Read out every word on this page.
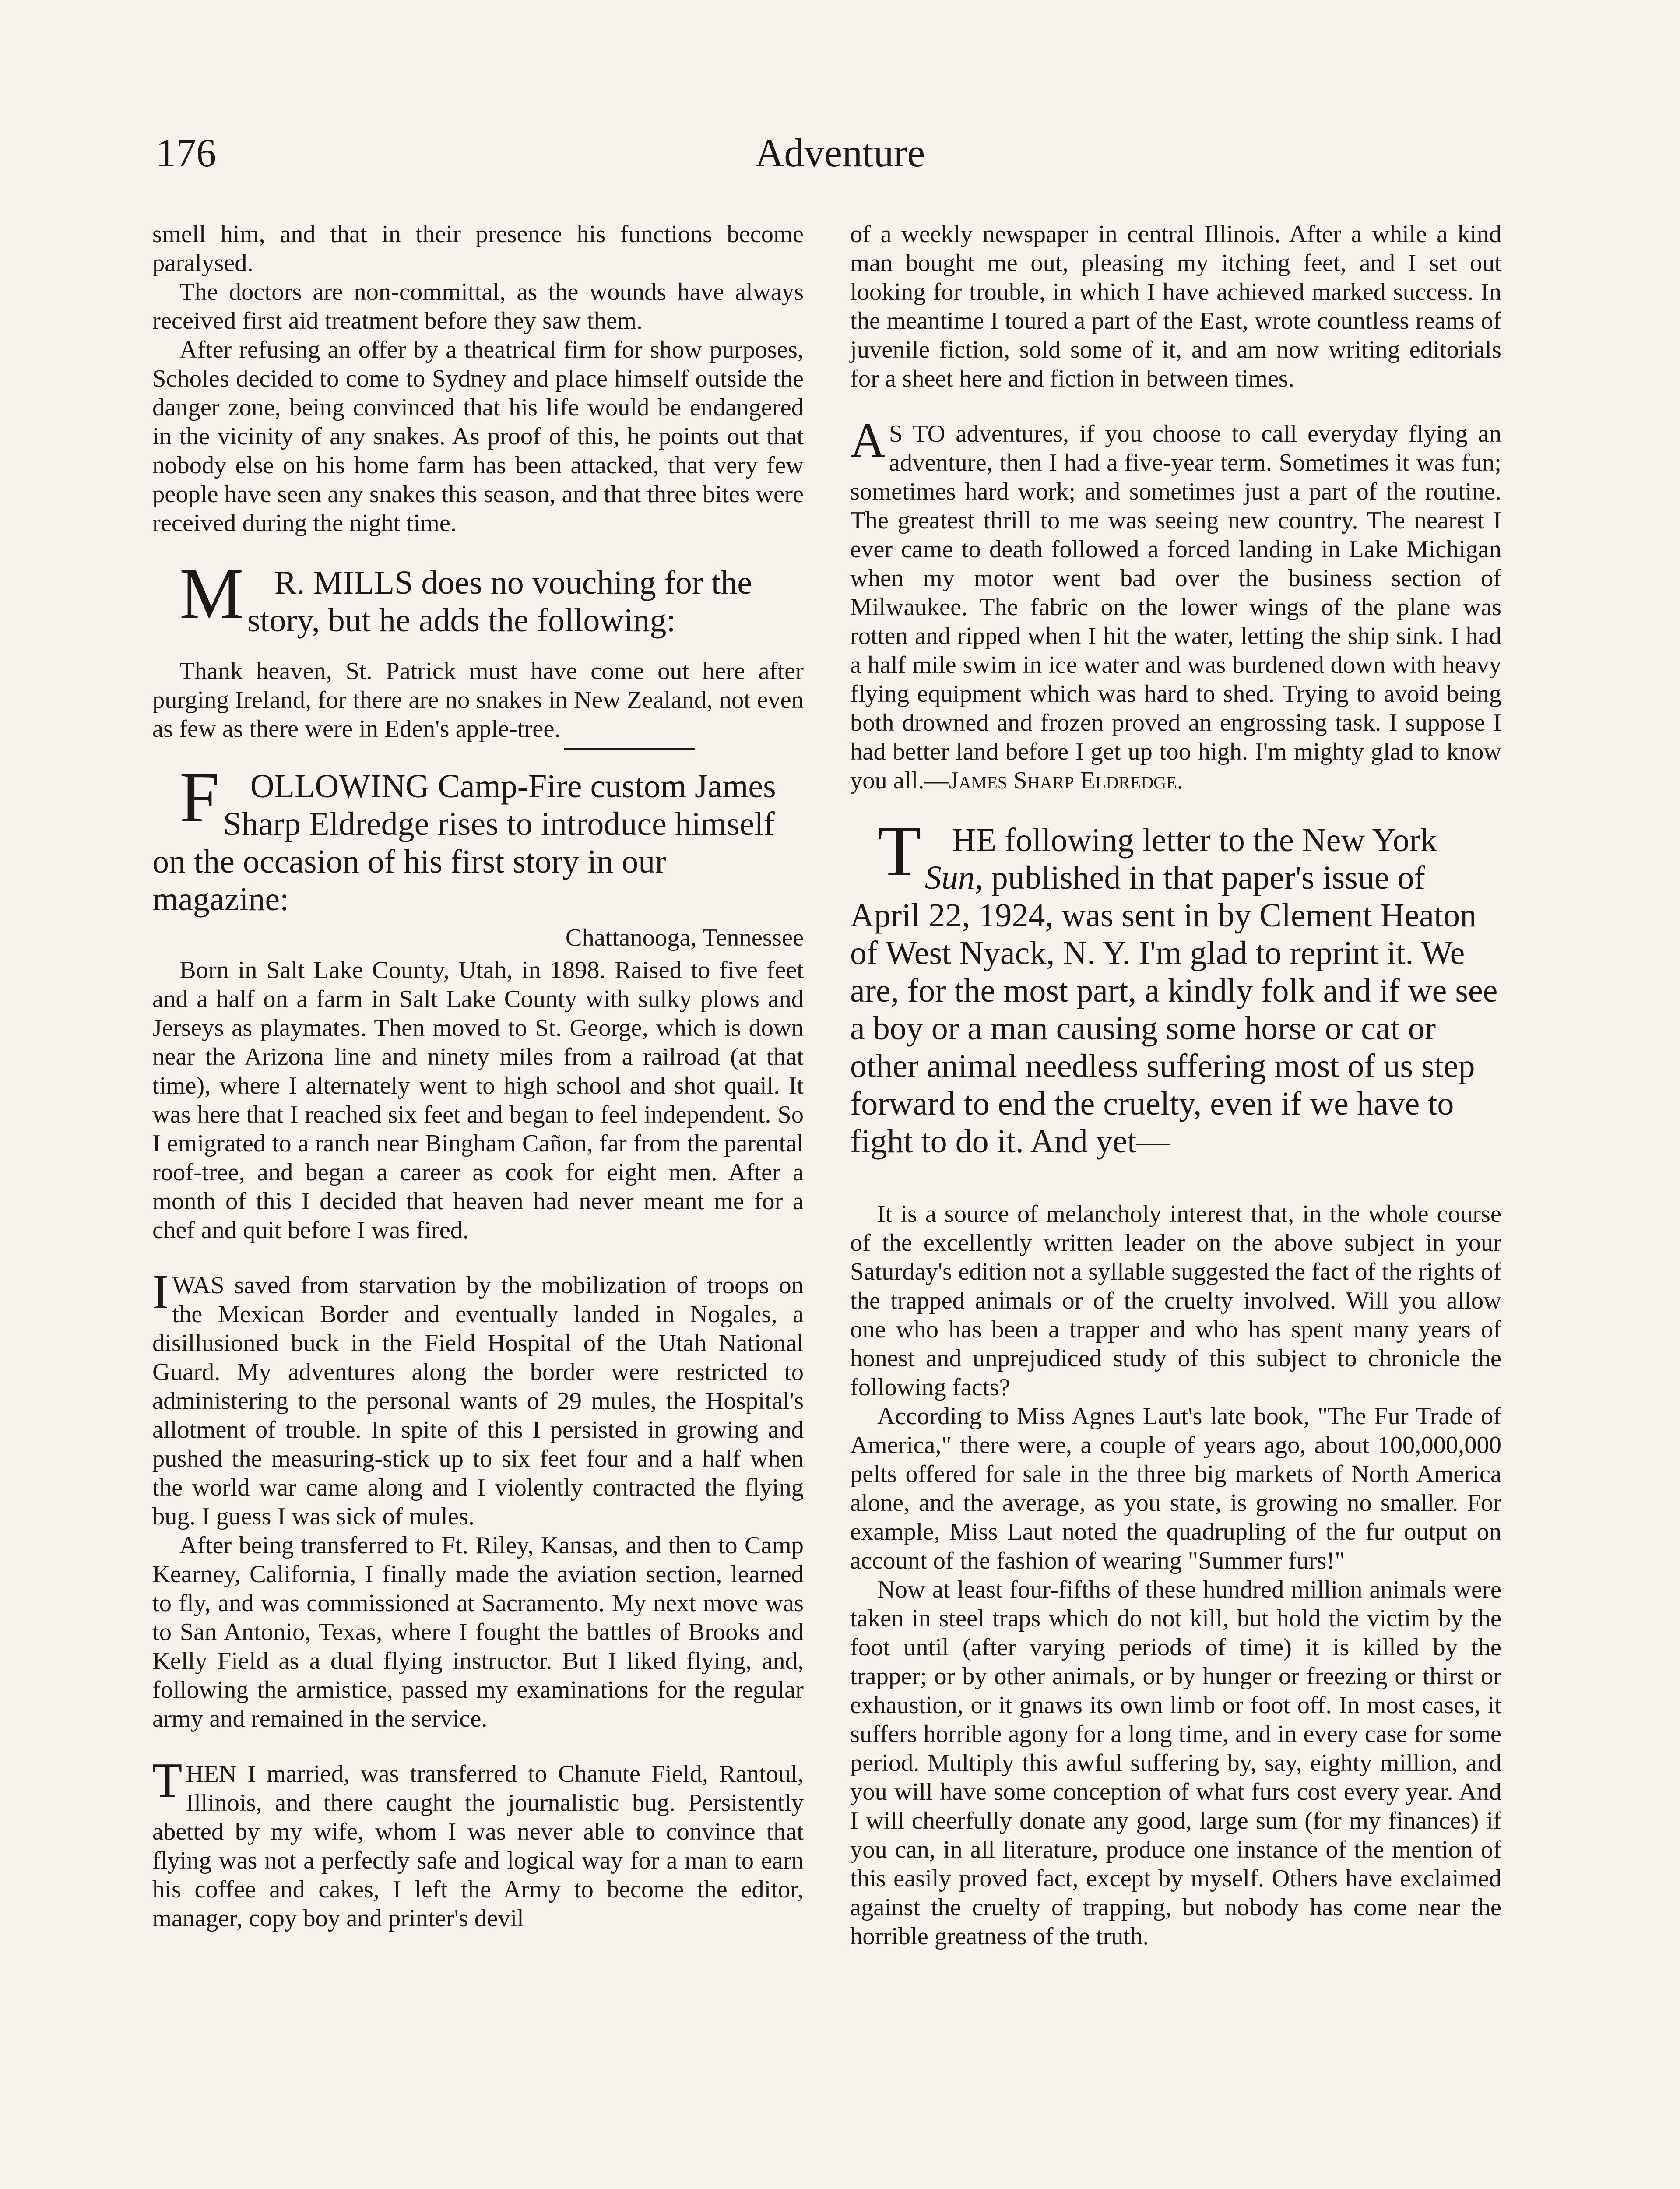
176	Adventure

smell him, and that in their presence his functions become paralysed.

The doctors are non-committal, as the wounds have always received first aid treatment before they saw them.

After refusing an offer by a theatrical firm for show purposes, Scholes decided to come to Sydney and place himself outside the danger zone, being convinced that his life would be endangered in the vicinity of any snakes. As proof of this, he points out that nobody else on his home farm has been attacked, that very few people have seen any snakes this season, and that three bites were received during the night time.

M R. MILLS does no vouching for the story, but he adds the following:

Thank heaven, St. Patrick must have come out here after purging Ireland, for there are no snakes in New Zealand, not even as few as there were in Eden's apple-tree.

FOLLOWING Camp-Fire custom James Sharp Eldredge rises to introduce himself on the occasion of his first story in our magazine:

Chattanooga, Tennessee

Born in Salt Lake County, Utah, in 1898. Raised to five feet and a half on a farm in Salt Lake County with sulky plows and Jerseys as playmates. Then moved to St. George, which is down near the Arizona line and ninety miles from a railroad (at that time), where I alternately went to high school and shot quail. It was here that I reached six feet and began to feel independent. So I emigrated to a ranch near Bingham Cañon, far from the parental roof-tree, and began a career as cook for eight men. After a month of this I decided that heaven had never meant me for a chef and quit before I was fired.

IWAS saved from starvation by the mobilization of troops on the Mexican Border and eventually landed in Nogales, a disillusioned buck in the Field Hospital of the Utah National Guard. My adventures along the border were restricted to administering to the personal wants of 29 mules, the Hospital's allotment of trouble. In spite of this I persisted in growing and pushed the measuring-stick up to six feet four and a half when the world war came along and I violently contracted the flying bug. I guess I was sick of mules.

After being transferred to Ft. Riley, Kansas, and then to Camp Kearney, California, I finally made the aviation section, learned to fly, and was commissioned at Sacramento. My next move was to San Antonio, Texas, where I fought the battles of Brooks and Kelly Field as a dual flying instructor. But I liked flying, and, following the armistice, passed my examinations for the regular army and remained in the service.

THEN I married, was transferred to Chanute Field, Rantoul, Illinois, and there caught the journalistic bug. Persistently abetted by my wife, whom I was never able to convince that flying was not a perfectly safe and logical way for a man to earn his coffee and cakes, I left the Army to become the editor, manager, copy boy and printer's devil

of a weekly newspaper in central Illinois. After a while a kind man bought me out, pleasing my itching feet, and I set out looking for trouble, in which I have achieved marked success. In the meantime I toured a part of the East, wrote countless reams of juvenile fiction, sold some of it, and am now writing editorials for a sheet here and fiction in between times.

A S TO adventures, if you choose to call everyday flying an adventure, then I had a five-year term. Sometimes it was fun; sometimes hard work; and sometimes just a part of the routine. The greatest thrill to me was seeing new country. The nearest I ever came to death followed a forced landing in Lake Michigan when my motor went bad over the business section of Milwaukee. The fabric on the lower wings of the plane was rotten and ripped when I hit the water, letting the ship sink. I had a half mile swim in ice water and was burdened down with heavy flying equipment which was hard to shed. Trying to avoid being both drowned and frozen proved an engrossing task. I suppose I had better land before I get up too high. I'm mighty glad to know you all.—James Sharp Eldredge.

THE following letter to the New York Sun, published in that paper's issue of April 22, 1924, was sent in by Clement Heaton of West Nyack, N. Y. I'm glad to reprint it. We are, for the most part, a kindly folk and if we see a boy or a man causing some horse or cat or other animal needless suffering most of us step forward to end the cruelty, even if we have to fight to do it. And yet—

It is a source of melancholy interest that, in the whole course of the excellently written leader on the above subject in your Saturday's edition not a syllable suggested the fact of the rights of the trapped animals or of the cruelty involved. Will you allow one who has been a trapper and who has spent many years of honest and unprejudiced study of this subject to chronicle the following facts?

According to Miss Agnes Laut's late book, "The Fur Trade of America," there were, a couple of years ago, about 100,000,000 pelts offered for sale in the three big markets of North America alone, and the average, as you state, is growing no smaller. For example, Miss Laut noted the quadrupling of the fur output on account of the fashion of wearing "Summer furs!"

Now at least four-fifths of these hundred million animals were taken in steel traps which do not kill, but hold the victim by the foot until (after varying periods of time) it is killed by the trapper; or by other animals, or by hunger or freezing or thirst or exhaustion, or it gnaws its own limb or foot off. In most cases, it suffers horrible agony for a long time, and in every case for some period. Multiply this awful suffering by, say, eighty million, and you will have some conception of what furs cost every year. And I will cheerfully donate any good, large sum (for my finances) if you can, in all literature, produce one instance of the mention of this easily proved fact, except by myself. Others have exclaimed against the cruelty of trapping, but nobody has come near the horrible greatness of the truth.
